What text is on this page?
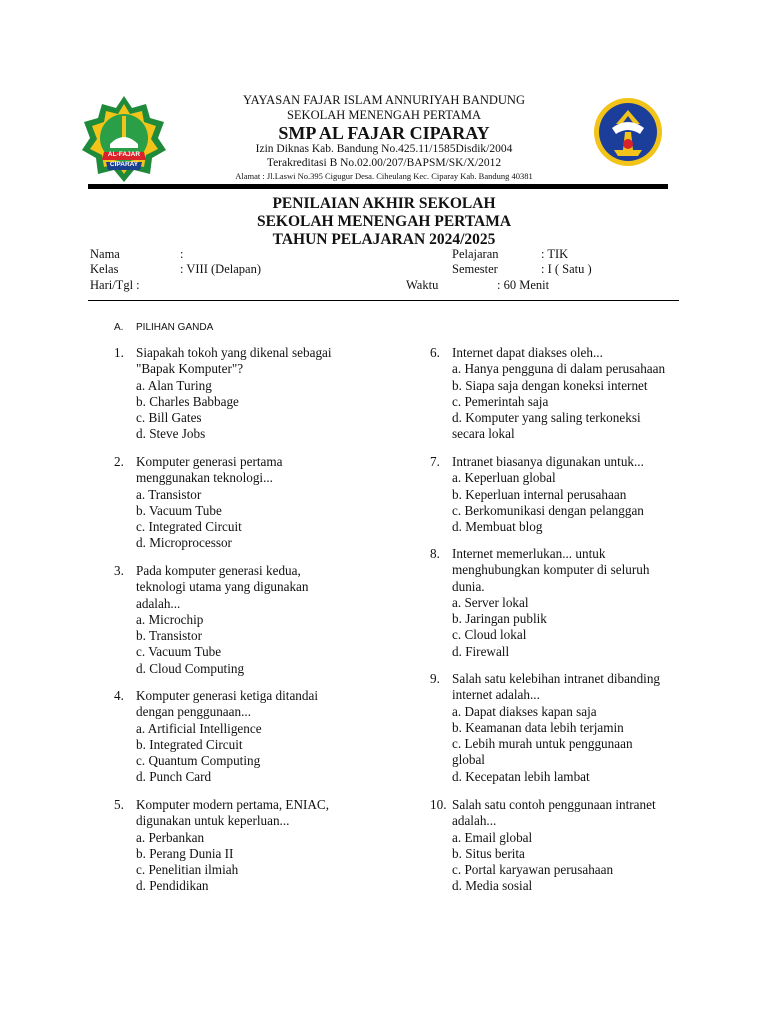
AL-FAJAR
CIPARAY
YAYASAN FAJAR ISLAM ANNURIYAH BANDUNG
SEKOLAH MENENGAH PERTAMA
SMP AL FAJAR CIPARAY
Izin Diknas Kab. Bandung No.425.11/1585Disdik/2004
Terakreditasi B No.02.00/207/BAPSM/SK/X/2012
Alamat : Jl.Laswi No.395 Cigugur Desa. Ciheulang Kec. Ciparay Kab. Bandung 40381
PENILAIAN AKHIR SEKOLAH
SEKOLAH MENENGAH PERTAMA
TAHUN PELAJARAN 2024/2025
Nama	:
Kelas	: VIII (Delapan)
Hari/Tgl :
Pelajaran	: TIK
Semester	: I ( Satu )
Waktu	: 60 Menit
A. PILIHAN GANDA
1. Siapakah tokoh yang dikenal sebagai
"Bapak Komputer"?
a. Alan Turing
b. Charles Babbage
c. Bill Gates
d. Steve Jobs
2. Komputer generasi pertama
menggunakan teknologi...
a. Transistor
b. Vacuum Tube
c. Integrated Circuit
d. Microprocessor
3. Pada komputer generasi kedua,
teknologi utama yang digunakan
adalah...
a. Microchip
b. Transistor
c. Vacuum Tube
d. Cloud Computing
4. Komputer generasi ketiga ditandai
dengan penggunaan...
a. Artificial Intelligence
b. Integrated Circuit
c. Quantum Computing
d. Punch Card
5. Komputer modern pertama, ENIAC,
digunakan untuk keperluan...
a. Perbankan
b. Perang Dunia II
c. Penelitian ilmiah
d. Pendidikan
6. Internet dapat diakses oleh...
a. Hanya pengguna di dalam perusahaan
b. Siapa saja dengan koneksi internet
c. Pemerintah saja
d. Komputer yang saling terkoneksi
secara lokal
7. Intranet biasanya digunakan untuk...
a. Keperluan global
b. Keperluan internal perusahaan
c. Berkomunikasi dengan pelanggan
d. Membuat blog
8. Internet memerlukan... untuk
menghubungkan komputer di seluruh
dunia.
a. Server lokal
b. Jaringan publik
c. Cloud lokal
d. Firewall
9. Salah satu kelebihan intranet dibanding
internet adalah...
a. Dapat diakses kapan saja
b. Keamanan data lebih terjamin
c. Lebih murah untuk penggunaan
global
d. Kecepatan lebih lambat
10. Salah satu contoh penggunaan intranet
adalah...
a. Email global
b. Situs berita
c. Portal karyawan perusahaan
d. Media sosial
